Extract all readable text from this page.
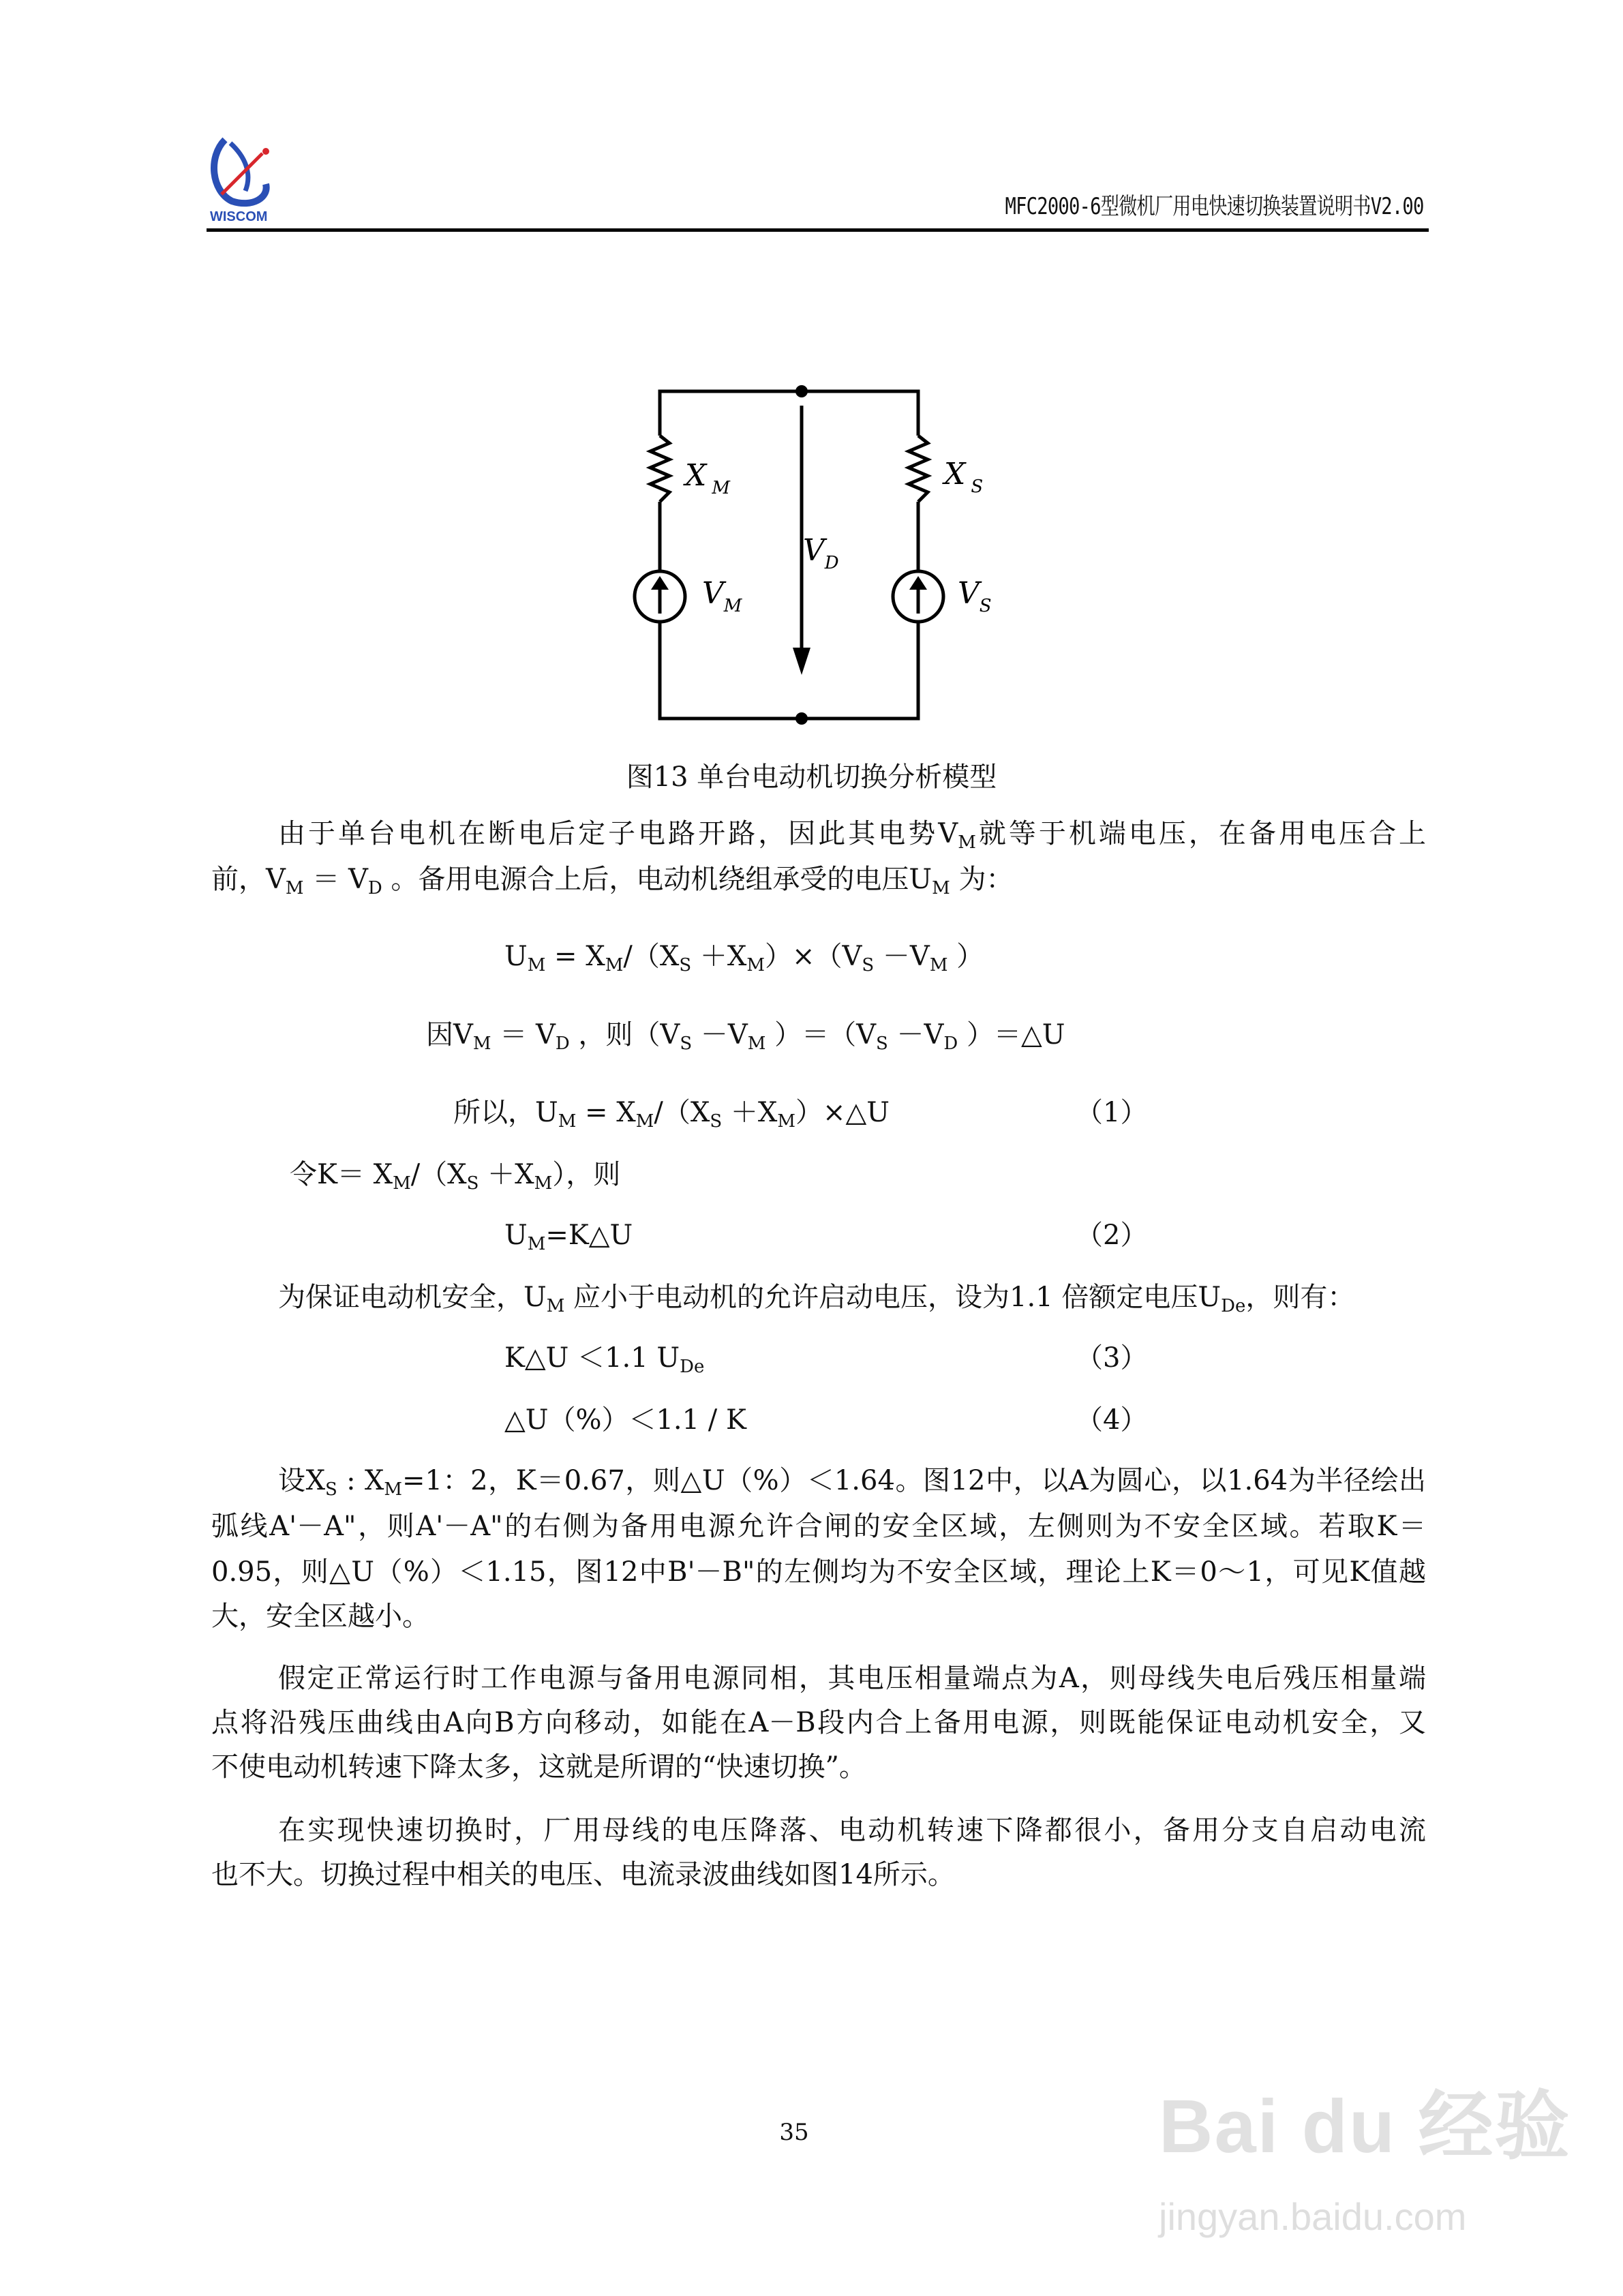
WISCOM	MFC2000-6型微机厂用电快速切换装置说明书V2.00
X $_M$	X $_S$
$V_M$	$V_S$
$V_D$
图13 单台电动机切换分析模型
由于单台电机在断电后定子电路开路，因此其电势$V_M$就等于机端电压，在备用电压合上
前，$V_M = V_D$ 。备用电源合上后，电动机绕组承受的电压$U_M$ 为：
$U_M = X_M/(X_S +X_M)\times(V_S -V_M$ ）
因$V_M = V_D$ ，则（$V_S -V_M$ ）$=(V_S -V_D$ ）＝△U
所以，$U_M = X_M/(X_S$ $+X_M)\times\triangle U$	（1）
令$K= X_M/(X_S +X_M)$，则
$U_M=K\triangle U$	（2）
为保证电动机安全，$U_M$ 应小于电动机的允许启动电压，设为1.1 倍额定电压$U_{De}$，则有：
K△U ＜1.1 $U_{De}$	（3）
△U（%）＜1.1 / K	（4）
设$X_S$ : $X_M=1$：2，K＝0.67，则△U（%）＜1.64。图12中，以A为圆心，以1.64为半径绘出
弧线A'－A"，则A'－A"的右侧为备用电源允许合闸的安全区域，左侧则为不安全区域。若取K＝
0.95，则△U（%）＜1.15，图12中B'－B"的左侧均为不安全区域，理论上K＝0～1，可见K值越
大，安全区越小。
假定正常运行时工作电源与备用电源同相，其电压相量端点为A，则母线失电后残压相量端
点将沿残压曲线由A向B方向移动，如能在A－B段内合上备用电源，则既能保证电动机安全，又
不使电动机转速下降太多，这就是所谓的“快速切换”。
在实现快速切换时，厂用母线的电压降落、电动机转速下降都很小，备用分支自启动电流
也不大。切换过程中相关的电压、电流录波曲线如图14所示。
35	Bai du 经验
jingyan.baidu.com
